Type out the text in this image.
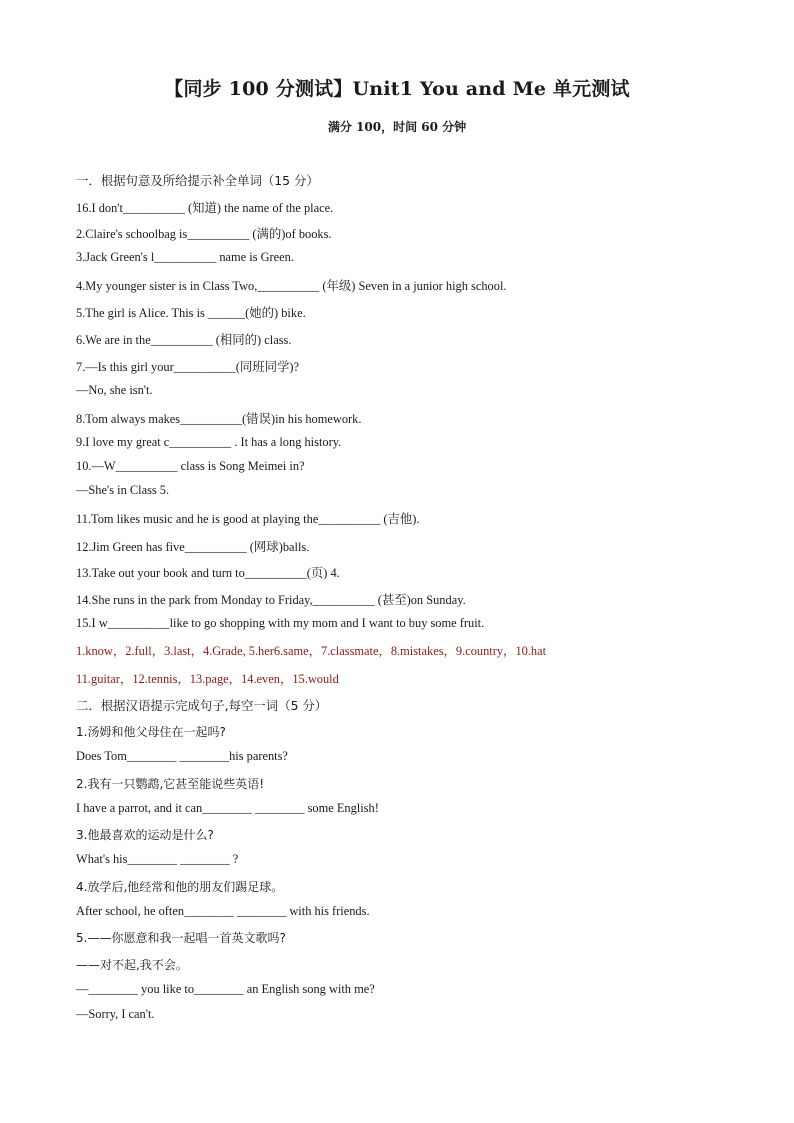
【同步 100 分测试】Unit1 You and Me 单元测试
满分 100，时间 60 分钟
一．根据句意及所给提示补全单词（15 分）
16.I don't__________ (知道) the name of the place.
2.Claire's schoolbag is__________ (满的)of books.
3.Jack Green's l__________ name is Green.
4.My younger sister is in Class Two,__________ (年级) Seven in a junior high school.
5.The girl is Alice. This is ______(她的) bike.
6.We are in the__________ (相同的) class.
7.—Is this girl your__________(同班同学)?
—No, she isn't.
8.Tom always makes__________(错误)in his homework.
9.I love my great c__________ . It has a long history.
10.—W__________ class is Song Meimei in?
—She's in Class 5.
11.Tom likes music and he is good at playing the__________ (吉他).
12.Jim Green has five__________ (网球)balls.
13.Take out your book and turn to__________(页) 4.
14.She runs in the park from Monday to Friday,__________ (甚至)on Sunday.
15.I w__________like to go shopping with my mom and I want to buy some fruit.
1.know，2.full，3.last，4.Grade, 5.her6.same，7.classmate，8.mistakes，9.country，10.hat
11.guitar，12.tennis，13.page，14.even，15.would
二．根据汉语提示完成句子,每空一词（5 分）
1.汤姆和他父母住在一起吗?
Does Tom________ ________his parents?
2.我有一只鹦鹉,它甚至能说些英语!
I have a parrot, and it can________ ________ some English!
3.他最喜欢的运动是什么?
What's his________ ________ ?
4.放学后,他经常和他的朋友们踢足球。
After school, he often________ ________ with his friends.
5.——你愿意和我一起唱一首英文歌吗?
——对不起,我不会。
—________ you like to________ an English song with me?
—Sorry, I can't.
